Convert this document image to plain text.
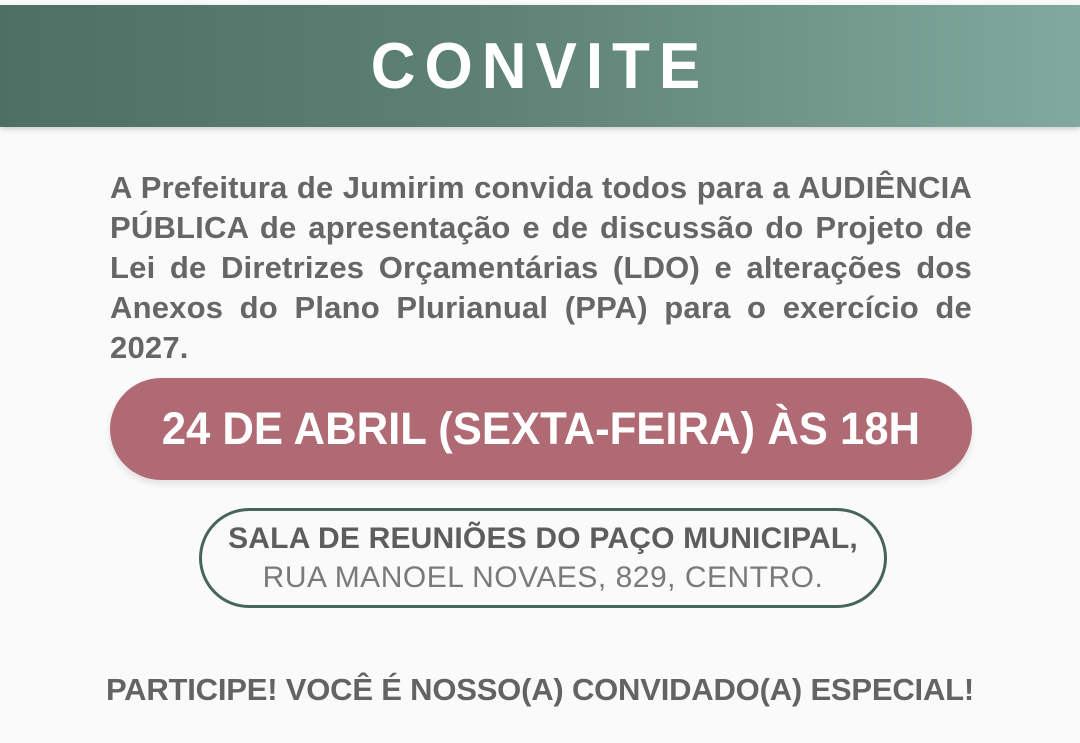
CONVITE

A Prefeitura de Jumirim convida todos para a AUDIÊNCIA PÚBLICA de apresentação e de discussão do Projeto de Lei de Diretrizes Orçamentárias (LDO) e alterações dos Anexos do Plano Plurianual (PPA) para o exercício de 2027.

24 DE ABRIL (SEXTA-FEIRA) ÀS 18H
SALA DE REUNIÕES DO PAÇO MUNICIPAL,
RUA MANOEL NOVAES, 829, CENTRO.
PARTICIPE! VOCÊ É NOSSO(A) CONVIDADO(A) ESPECIAL!
